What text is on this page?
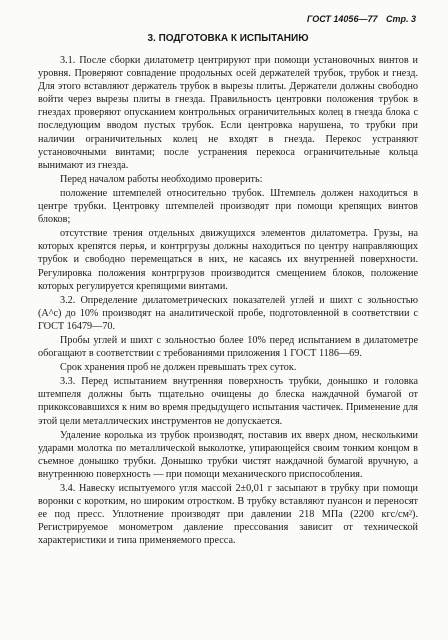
ГОСТ 14056—77 Стр. 3
3. ПОДГОТОВКА К ИСПЫТАНИЮ

3.1. После сборки дилатометр центрируют при помощи установочных винтов и уровня. Проверяют совпадение продольных осей держателей трубок, трубок и гнезд. Для этого вставляют держатель трубок в вырезы плиты. Держатели должны свободно войти через вырезы плиты в гнезда. Правильность центровки положения трубок в гнездах проверяют опусканием контрольных ограничительных колец в гнезда блока с последующим вводом пустых трубок. Если центровка нарушена, то трубки при наличии ограничительных колец не входят в гнезда. Перекос устраняют установочными винтами; после устранения перекоса ограничительные кольца вынимают из гнезда.

Перед началом работы необходимо проверить:

положение штемпелей относительно трубок. Штемпель должен находиться в центре трубки. Центровку штемпелей производят при помощи крепящих винтов блоков;

отсутствие трения отдельных движущихся элементов дилатометра. Грузы, на которых крепятся перья, и контргрузы должны находиться по центру направляющих трубок и свободно перемещаться в них, не касаясь их внутренней поверхности. Регулировка положения контргрузов производится смещением блоков, положение которых регулируется крепящими винтами.

3.2. Определение дилатометрических показателей углей и шихт с зольностью (A^c) до 10% производят на аналитической пробе, подготовленной в соответствии с ГОСТ 16479—70.

Пробы углей и шихт с зольностью более 10% перед испытанием в дилатометре обогащают в соответствии с требованиями приложения 1 ГОСТ 1186—69.

Срок хранения проб не должен превышать трех суток.

3.3. Перед испытанием внутренняя поверхность трубки, донышко и головка штемпеля должны быть тщательно очищены до блеска наждачной бумагой от прикоксовавшихся к ним во время предыдущего испытания частичек. Применение для этой цели металлических инструментов не допускается.

Удаление королька из трубок производят, поставив их вверх дном, несколькими ударами молотка по металлической выколотке, упирающейся своим тонким концом в съемное донышко трубки. Донышко трубки чистят наждачной бумагой вручную, а внутреннюю поверхность — при помощи механического приспособления.

3.4. Навеску испытуемого угля массой 2±0,01 г засыпают в трубку при помощи воронки с коротким, но широким отростком. В трубку вставляют пуансон и переносят ее под пресс. Уплотнение производят при давлении 218 МПа (2200 кгс/см²). Регистрируемое монометром давление прессования зависит от технической характеристики и типа применяемого пресса.
